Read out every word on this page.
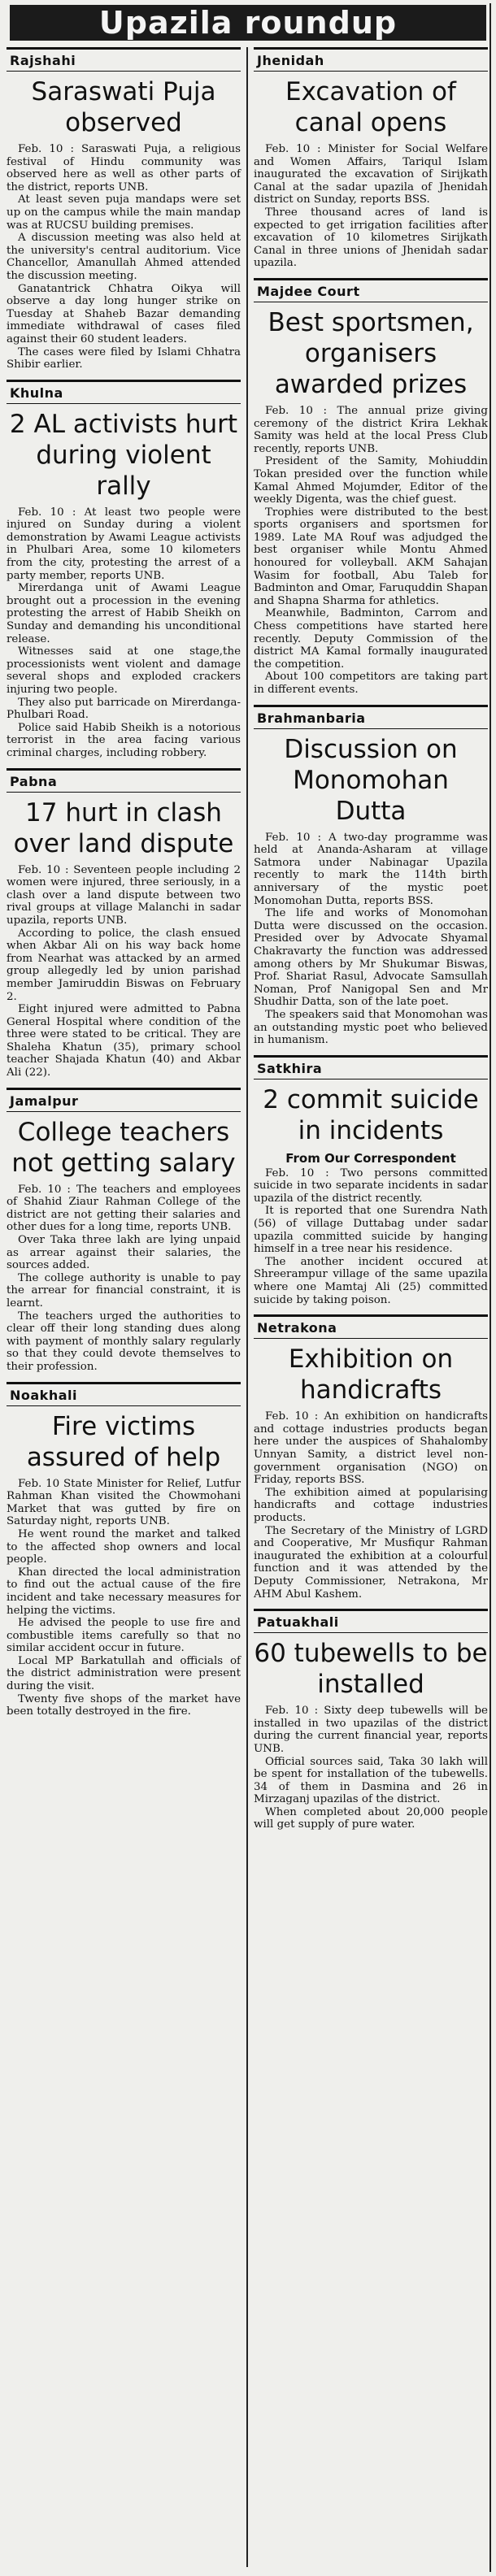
Upazila roundup
Rajshahi
Saraswati Puja observed

Feb. 10 : Saraswati Puja, a religious festival of Hindu community was observed here as well as other parts of the district, reports UNB.

At least seven puja mandaps were set up on the campus while the main mandap was at RUCSU building premises.

A discussion meeting was also held at the university's central auditorium. Vice Chancellor, Amanullah Ahmed attended the discussion meeting.

Ganatantrick Chhatra Oikya will observe a day long hunger strike on Tuesday at Shaheb Bazar demanding immediate withdrawal of cases filed against their 60 student leaders.

The cases were filed by Islami Chhatra Shibir earlier.

Khulna
2 AL activists hurt during violent rally

Feb. 10 : At least two people were injured on Sunday during a violent demonstration by Awami League activists in Phulbari Area, some 10 kilometers from the city, protesting the arrest of a party member, reports UNB.

Mirerdanga unit of Awami League brought out a procession in the evening protesting the arrest of Habib Sheikh on Sunday and demanding his unconditional release.

Witnesses said at one stage,the processionists went violent and damage several shops and exploded crackers injuring two people.

They also put barricade on Mirerdanga-Phulbari Road.

Police said Habib Sheikh is a notorious terrorist in the area facing various criminal charges, including robbery.

Pabna
17 hurt in clash over land dispute

Feb. 10 : Seventeen people including 2 women were injured, three seriously, in a clash over a land dispute between two rival groups at village Malanchi in sadar upazila, reports UNB.

According to police, the clash ensued when Akbar Ali on his way back home from Nearhat was attacked by an armed group allegedly led by union parishad member Jamiruddin Biswas on February 2.

Eight injured were admitted to Pabna General Hospital where condition of the three were stated to be critical. They are Shaleha Khatun (35), primary school teacher Shajada Khatun (40) and Akbar Ali (22).

Jamalpur
College teachers not getting salary

Feb. 10 : The teachers and employees of Shahid Ziaur Rahman College of the district are not getting their salaries and other dues for a long time, reports UNB.

Over Taka three lakh are lying unpaid as arrear against their salaries, the sources added.

The college authority is unable to pay the arrear for financial constraint, it is learnt.

The teachers urged the authorities to clear off their long standing dues along with payment of monthly salary regularly so that they could devote themselves to their profession.

Noakhali
Fire victims assured of help

Feb. 10 State Minister for Relief, Lutfur Rahman Khan visited the Chowmohani Market that was gutted by fire on Saturday night, reports UNB.

He went round the market and talked to the affected shop owners and local people.

Khan directed the local administration to find out the actual cause of the fire incident and take necessary measures for helping the victims.

He advised the people to use fire and combustible items carefully so that no similar accident occur in future.

Local MP Barkatullah and officials of the district administration were present during the visit.

Twenty five shops of the market have been totally destroyed in the fire.

Jhenidah
Excavation of canal opens

Feb. 10 : Minister for Social Welfare and Women Affairs, Tariqul Islam inaugurated the excavation of Sirijkath Canal at the sadar upazila of Jhenidah district on Sunday, reports BSS.

Three thousand acres of land is expected to get irrigation facilities after excavation of 10 kilometres Sirijkath Canal in three unions of Jhenidah sadar upazila.

Majdee Court
Best sportsmen, organisers awarded prizes

Feb. 10 : The annual prize giving ceremony of the district Krira Lekhak Samity was held at the local Press Club recently, reports UNB.

President of the Samity, Mohiuddin Tokan presided over the function while Kamal Ahmed Mojumder, Editor of the weekly Digenta, was the chief guest.

Trophies were distributed to the best sports organisers and sportsmen for 1989. Late MA Rouf was adjudged the best organiser while Montu Ahmed honoured for volleyball. AKM Sahajan Wasim for football, Abu Taleb for Badminton and Omar, Faruquddin Shapan and Shapna Sharma for athletics.

Meanwhile, Badminton, Carrom and Chess competitions have started here recently. Deputy Commission of the district MA Kamal formally inaugurated the competition.

About 100 competitors are taking part in different events.

Brahmanbaria
Discussion on Monomohan Dutta

Feb. 10 : A two-day programme was held at Ananda-Asharam at village Satmora under Nabinagar Upazila recently to mark the 114th birth anniversary of the mystic poet Monomohan Dutta, reports BSS.

The life and works of Monomohan Dutta were discussed on the occasion. Presided over by Advocate Shyamal Chakravarty the function was addressed among others by Mr Shukumar Biswas, Prof. Shariat Rasul, Advocate Samsullah Noman, Prof Nanigopal Sen and Mr Shudhir Datta, son of the late poet.

The speakers said that Monomohan was an outstanding mystic poet who believed in humanism.

Satkhira
2 commit suicide in incidents
From Our Correspondent

Feb. 10 : Two persons committed suicide in two separate incidents in sadar upazila of the district recently.

It is reported that one Surendra Nath (56) of village Duttabag under sadar upazila committed suicide by hanging himself in a tree near his residence.

The another incident occured at Shreerampur village of the same upazila where one Mamtaj Ali (25) committed suicide by taking poison.

Netrakona
Exhibition on handicrafts

Feb. 10 : An exhibition on handicrafts and cottage industries products began here under the auspices of Shahalomby Unnyan Samity, a district level non-government organisation (NGO) on Friday, reports BSS.

The exhibition aimed at popularising handicrafts and cottage industries products.

The Secretary of the Ministry of LGRD and Cooperative, Mr Musfiqur Rahman inaugurated the exhibition at a colourful function and it was attended by the Deputy Commissioner, Netrakona, Mr AHM Abul Kashem.

Patuakhali
60 tubewells to be installed

Feb. 10 : Sixty deep tubewells will be installed in two upazilas of the district during the current financial year, reports UNB.

Official sources said, Taka 30 lakh will be spent for installation of the tubewells. 34 of them in Dasmina and 26 in Mirzaganj upazilas of the district.

When completed about 20,000 people will get supply of pure water.
